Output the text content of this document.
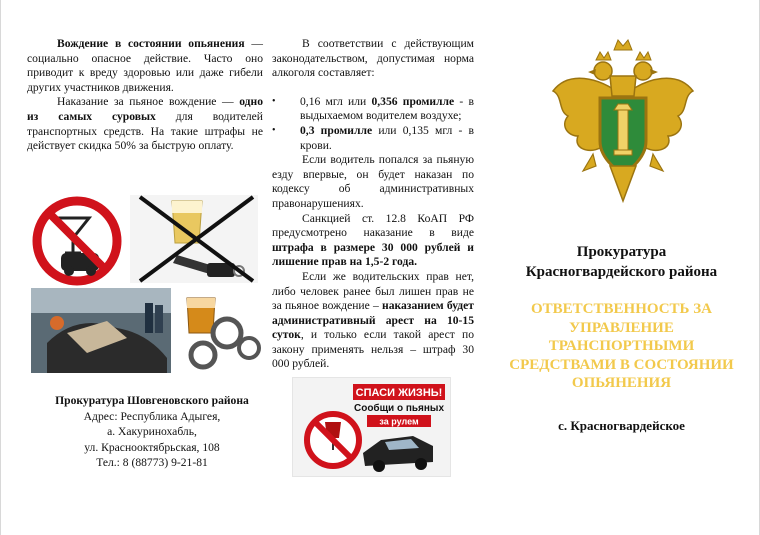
Вождение в состоянии опьянения — социально опасное действие. Часто оно приводит к вреду здоровью или даже гибели других участников движения.

Наказание за пьяное вождение — одно из самых суровых для водителей транспортных средств. На такие штрафы не действует скидка 50% за быструю оплату.

Прокуратура Шовгеновского района
Адрес: Республика Адыгея,
а. Хакуринохабль,
ул. Краснооктябрьская, 108
Тел.: 8 (88773) 9-21-81

В соответствии с действующим законодательством, допустимая норма алкоголя составляет:

•	0,16 мгл или 0,356 промилле - в выдыхаемом водителем воздухе;

•	0,3 промилле или 0,135 мгл - в крови.

Если водитель попался за пьяную езду впервые, он будет наказан по кодексу об административных правонарушениях.

Санкцией ст. 12.8 КоАП РФ предусмотрено наказание в виде штрафа в размере 30 000 рублей и лишение прав на 1,5-2 года.

Если же водительских прав нет, либо человек ранее был лишен прав не за пьяное вождение – наказанием будет административный арест на 10-15 суток, и только если такой арест по закону применять нельзя – штраф 30 000 рублей.

СПАСИ ЖИЗНЬ!
Сообщи о пьяных
за рулем
Прокуратура
Красногвардейского района
ОТВЕТСТВЕННОСТЬ ЗА
УПРАВЛЕНИЕ
ТРАНСПОРТНЫМИ
СРЕДСТВАМИ В СОСТОЯНИИ
ОПЬЯНЕНИЯ
с. Красногвардейское
